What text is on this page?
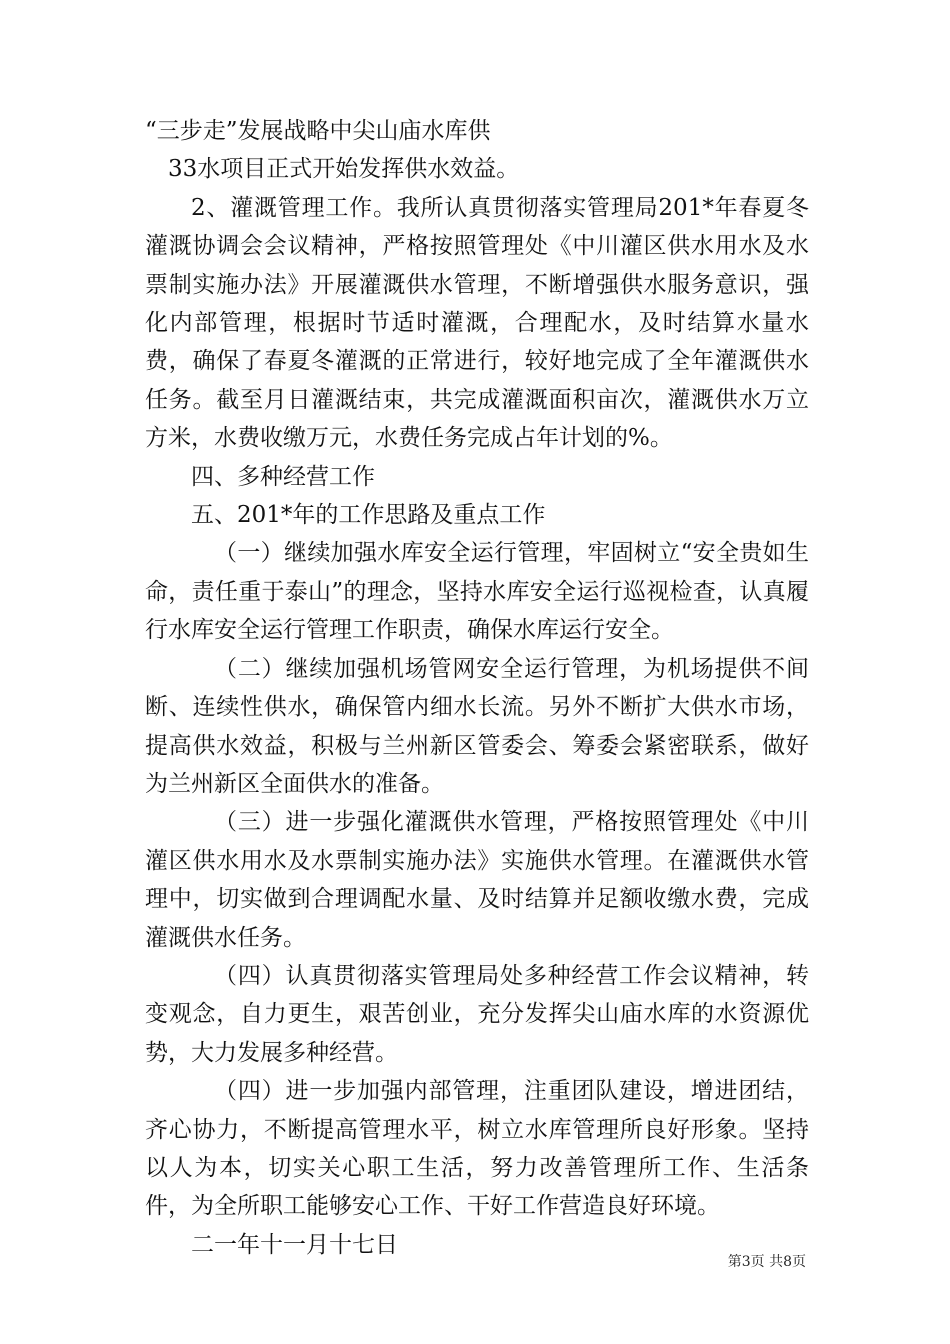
“三步走”发展战略中尖山庙水库供

33水项目正式开始发挥供水效益。

2、灌溉管理工作。我所认真贯彻落实管理局201*年春夏冬灌溉协调会会议精神，严格按照管理处《中川灌区供水用水及水票制实施办法》开展灌溉供水管理，不断增强供水服务意识，强化内部管理，根据时节适时灌溉，合理配水，及时结算水量水费，确保了春夏冬灌溉的正常进行，较好地完成了全年灌溉供水任务。截至月日灌溉结束，共完成灌溉面积亩次，灌溉供水万立方米，水费收缴万元，水费任务完成占年计划的%。

四、多种经营工作

五、201*年的工作思路及重点工作

（一）继续加强水库安全运行管理，牢固树立“安全贵如生命，责任重于泰山”的理念，坚持水库安全运行巡视检查，认真履行水库安全运行管理工作职责，确保水库运行安全。

（二）继续加强机场管网安全运行管理，为机场提供不间断、连续性供水，确保管内细水长流。另外不断扩大供水市场，提高供水效益，积极与兰州新区管委会、筹委会紧密联系，做好为兰州新区全面供水的准备。

（三）进一步强化灌溉供水管理，严格按照管理处《中川灌区供水用水及水票制实施办法》实施供水管理。在灌溉供水管理中，切实做到合理调配水量、及时结算并足额收缴水费，完成灌溉供水任务。

（四）认真贯彻落实管理局处多种经营工作会议精神，转变观念，自力更生，艰苦创业，充分发挥尖山庙水库的水资源优势，大力发展多种经营。

（四）进一步加强内部管理，注重团队建设，增进团结，齐心协力，不断提高管理水平，树立水库管理所良好形象。坚持以人为本，切实关心职工生活，努力改善管理所工作、生活条件，为全所职工能够安心工作、干好工作营造良好环境。

二一年十一月十七日

第3页 共8页
